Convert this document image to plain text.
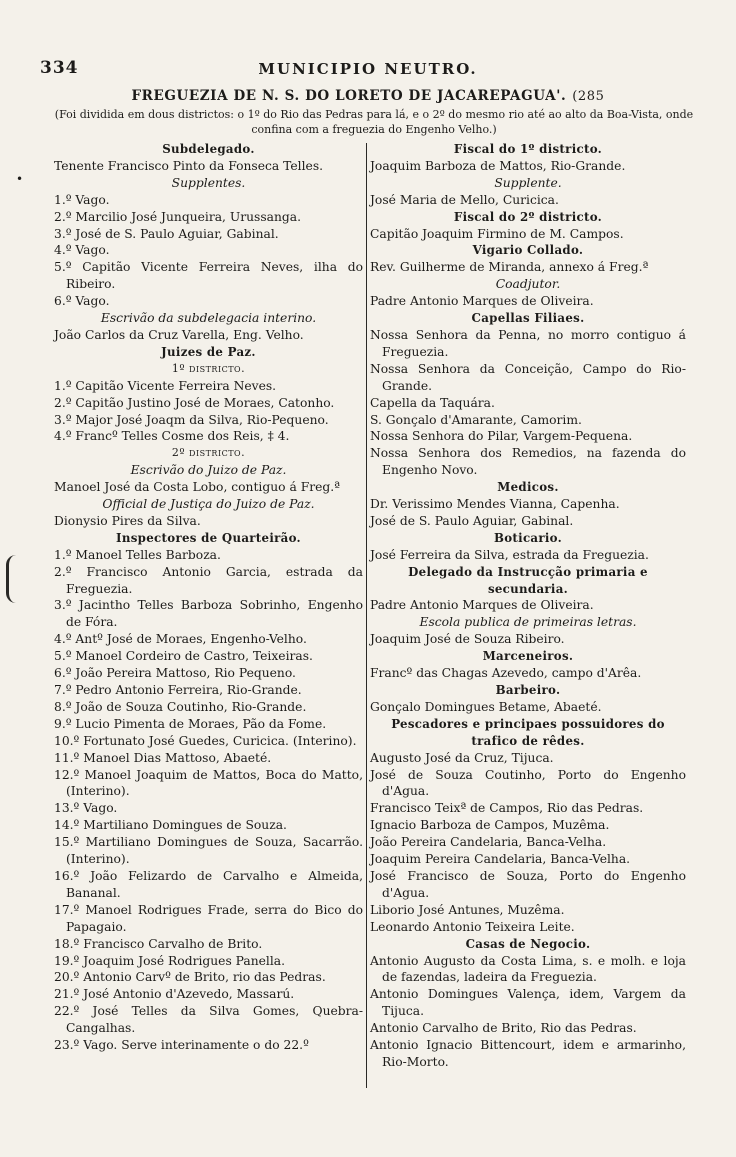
334	MUNICIPIO NEUTRO.
FREGUEZIA DE N. S. DO LORETO DE JACAREPAGUA'. (285
(Foi dividida em dous districtos: o 1º do Rio das Pedras para lá, e o 2º do mesmo rio até ao alto da Boa-Vista, onde confina com a freguezia do Engenho Velho.)
•
Subdelegado.
Tenente Francisco Pinto da Fonseca Telles.
Supplentes.
1.º Vago.
2.º Marcilio José Junqueira, Urussanga.
3.º José de S. Paulo Aguiar, Gabinal.
4.º Vago.
5.º Capitão Vicente Ferreira Neves, ilha do Ribeiro.
6.º Vago.
Escrivão da subdelegacia interino.
João Carlos da Cruz Varella, Eng. Velho.
Juizes de Paz.
1º districto.
1.º Capitão Vicente Ferreira Neves.
2.º Capitão Justino José de Moraes, Catonho.
3.º Major José Joaqm da Silva, Rio-Pequeno.
4.º Francº Telles Cosme dos Reis, ‡ 4.
2º districto.
Escrivão do Juizo de Paz.
Manoel José da Costa Lobo, contiguo á Freg.ª
Official de Justiça do Juizo de Paz.
Dionysio Pires da Silva.
Inspectores de Quarteirão.
1.º Manoel Telles Barboza.
2.º Francisco Antonio Garcia, estrada da Freguezia.
3.º Jacintho Telles Barboza Sobrinho, Engenho de Fóra.
4.º Antº José de Moraes, Engenho-Velho.
5.º Manoel Cordeiro de Castro, Teixeiras.
6.º João Pereira Mattoso, Rio Pequeno.
7.º Pedro Antonio Ferreira, Rio-Grande.
8.º João de Souza Coutinho, Rio-Grande.
9.º Lucio Pimenta de Moraes, Pão da Fome.
10.º Fortunato José Guedes, Curicica. (Interino).
11.º Manoel Dias Mattoso, Abaeté.
12.º Manoel Joaquim de Mattos, Boca do Matto, (Interino).
13.º Vago.
14.º Martiliano Domingues de Souza.
15.º Martiliano Domingues de Souza, Sacarrão. (Interino).
16.º João Felizardo de Carvalho e Almeida, Bananal.
17.º Manoel Rodrigues Frade, serra do Bico do Papagaio.
18.º Francisco Carvalho de Brito.
19.º Joaquim José Rodrigues Panella.
20.º Antonio Carvº de Brito, rio das Pedras.
21.º José Antonio d'Azevedo, Massarú.
22.º José Telles da Silva Gomes, Quebra-Cangalhas.
23.º Vago. Serve interinamente o do 22.º
Fiscal do 1º districto.
Joaquim Barboza de Mattos, Rio-Grande.
Supplente.
José Maria de Mello, Curicica.
Fiscal do 2º districto.
Capitão Joaquim Firmino de M. Campos.
Vigario Collado.
Rev. Guilherme de Miranda, annexo á Freg.ª
Coadjutor.
Padre Antonio Marques de Oliveira.
Capellas Filiaes.
Nossa Senhora da Penna, no morro contiguo á Freguezia.
Nossa Senhora da Conceição, Campo do Rio-Grande.
Capella da Taquára.
S. Gonçalo d'Amarante, Camorim.
Nossa Senhora do Pilar, Vargem-Pequena.
Nossa Senhora dos Remedios, na fazenda do Engenho Novo.
Medicos.
Dr. Verissimo Mendes Vianna, Capenha.
José de S. Paulo Aguiar, Gabinal.
Boticario.
José Ferreira da Silva, estrada da Freguezia.
Delegado da Instrucção primaria e secundaria.
Padre Antonio Marques de Oliveira.
Escola publica de primeiras letras.
Joaquim José de Souza Ribeiro.
Marceneiros.
Francº das Chagas Azevedo, campo d'Arêa.
Barbeiro.
Gonçalo Domingues Betame, Abaeté.
Pescadores e principaes possuidores do trafico de rêdes.
Augusto José da Cruz, Tijuca.
José de Souza Coutinho, Porto do Engenho d'Agua.
Francisco Teixª de Campos, Rio das Pedras.
Ignacio Barboza de Campos, Muzêma.
João Pereira Candelaria, Banca-Velha.
Joaquim Pereira Candelaria, Banca-Velha.
José Francisco de Souza, Porto do Engenho d'Agua.
Liborio José Antunes, Muzêma.
Leonardo Antonio Teixeira Leite.
Casas de Negocio.
Antonio Augusto da Costa Lima, s. e molh. e loja de fazendas, ladeira da Freguezia.
Antonio Domingues Valença, idem, Vargem da Tijuca.
Antonio Carvalho de Brito, Rio das Pedras.
Antonio Ignacio Bittencourt, idem e armarinho, Rio-Morto.
